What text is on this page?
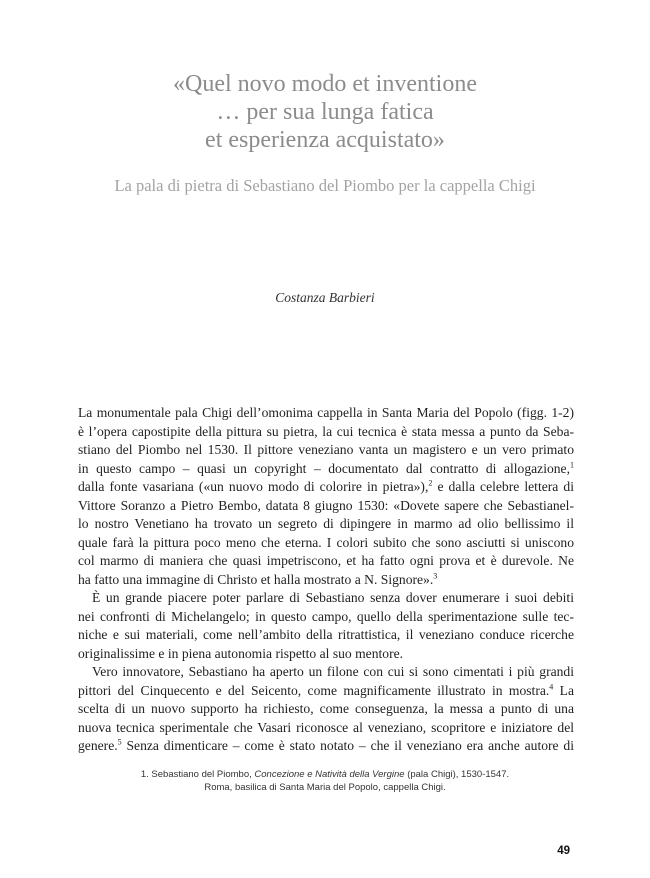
«Quel novo modo et inventione
… per sua lunga fatica
et esperienza acquistato»
La pala di pietra di Sebastiano del Piombo per la cappella Chigi
Costanza Barbieri
La monumentale pala Chigi dell’omonima cappella in Santa Maria del Popolo (figg. 1-2)
è l’opera capostipite della pittura su pietra, la cui tecnica è stata messa a punto da Seba-
stiano del Piombo nel 1530. Il pittore veneziano vanta un magistero e un vero primato
in questo campo – quasi un copyright – documentato dal contratto di allogazione,$^1$
dalla fonte vasariana («un nuovo modo di colorire in pietra»),$^2$ e dalla celebre lettera di
Vittore Soranzo a Pietro Bembo, datata 8 giugno 1530: «Dovete sapere che Sebastianel-
lo nostro Venetiano ha trovato un segreto di dipingere in marmo ad olio bellissimo il
quale farà la pittura poco meno che eterna. I colori subito che sono asciutti si uniscono
col marmo di maniera che quasi impetriscono, et ha fatto ogni prova et è durevole. Ne
ha fatto una immagine di Christo et halla mostrato a N. Signore».$^3$
È un grande piacere poter parlare di Sebastiano senza dover enumerare i suoi debiti
nei confronti di Michelangelo; in questo campo, quello della sperimentazione sulle tec-
niche e sui materiali, come nell’ambito della ritrattistica, il veneziano conduce ricerche
originalissime e in piena autonomia rispetto al suo mentore.
Vero innovatore, Sebastiano ha aperto un filone con cui si sono cimentati i più grandi
pittori del Cinquecento e del Seicento, come magnificamente illustrato in mostra.$^4$ La
scelta di un nuovo supporto ha richiesto, come conseguenza, la messa a punto di una
nuova tecnica sperimentale che Vasari riconosce al veneziano, scopritore e iniziatore del
genere.$^5$ Senza dimenticare – come è stato notato – che il veneziano era anche autore di
1. Sebastiano del Piombo, Concezione e Natività della Vergine (pala Chigi), 1530-1547.
Roma, basilica di Santa Maria del Popolo, cappella Chigi.
49
